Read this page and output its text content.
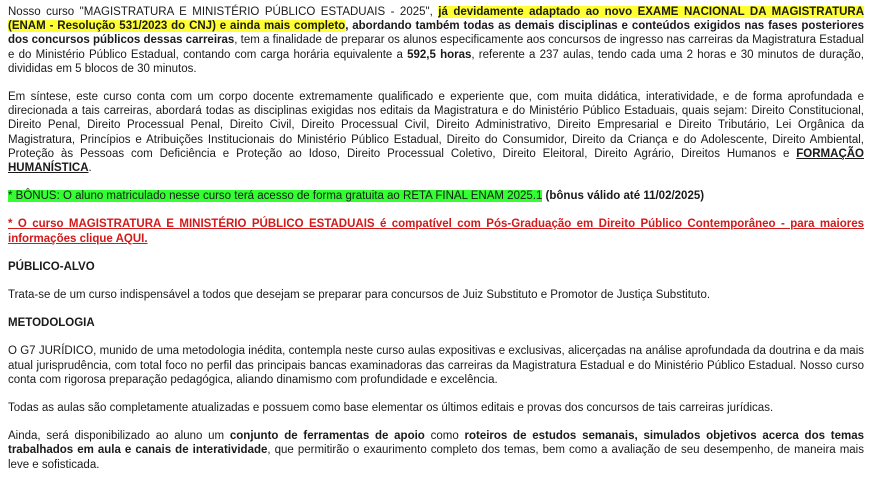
Nosso curso "MAGISTRATURA E MINISTÉRIO PÚBLICO ESTADUAIS - 2025", já devidamente adaptado ao novo EXAME NACIONAL DA MAGISTRATURA (ENAM - Resolução 531/2023 do CNJ) e ainda mais completo, abordando também todas as demais disciplinas e conteúdos exigidos nas fases posteriores dos concursos públicos dessas carreiras, tem a finalidade de preparar os alunos especificamente aos concursos de ingresso nas carreiras da Magistratura Estadual e do Ministério Público Estadual, contando com carga horária equivalente a 592,5 horas, referente a 237 aulas, tendo cada uma 2 horas e 30 minutos de duração, divididas em 5 blocos de 30 minutos.

Em síntese, este curso conta com um corpo docente extremamente qualificado e experiente que, com muita didática, interatividade, e de forma aprofundada e direcionada a tais carreiras, abordará todas as disciplinas exigidas nos editais da Magistratura e do Ministério Público Estaduais, quais sejam: Direito Constitucional, Direito Penal, Direito Processual Penal, Direito Civil, Direito Processual Civil, Direito Administrativo, Direito Empresarial e Direito Tributário, Lei Orgânica da Magistratura, Princípios e Atribuições Institucionais do Ministério Público Estadual, Direito do Consumidor, Direito da Criança e do Adolescente, Direito Ambiental, Proteção às Pessoas com Deficiência e Proteção ao Idoso, Direito Processual Coletivo, Direito Eleitoral, Direito Agrário, Direitos Humanos e FORMAÇÃO HUMANÍSTICA.

* BÔNUS: O aluno matriculado nesse curso terá acesso de forma gratuita ao RETA FINAL ENAM 2025.1 (bônus válido até 11/02/2025)

* O curso MAGISTRATURA E MINISTÉRIO PÚBLICO ESTADUAIS é compatível com Pós-Graduação em Direito Público Contemporâneo - para maiores informações clique AQUI.

PÚBLICO-ALVO

Trata-se de um curso indispensável a todos que desejam se preparar para concursos de Juiz Substituto e Promotor de Justiça Substituto.

METODOLOGIA

O G7 JURÍDICO, munido de uma metodologia inédita, contempla neste curso aulas expositivas e exclusivas, alicerçadas na análise aprofundada da doutrina e da mais atual jurisprudência, com total foco no perfil das principais bancas examinadoras das carreiras da Magistratura Estadual e do Ministério Público Estadual. Nosso curso conta com rigorosa preparação pedagógica, aliando dinamismo com profundidade e excelência.

Todas as aulas são completamente atualizadas e possuem como base elementar os últimos editais e provas dos concursos de tais carreiras jurídicas.

Ainda, será disponibilizado ao aluno um conjunto de ferramentas de apoio como roteiros de estudos semanais, simulados objetivos acerca dos temas trabalhados em aula e canais de interatividade, que permitirão o exaurimento completo dos temas, bem como a avaliação de seu desempenho, de maneira mais leve e sofisticada.
